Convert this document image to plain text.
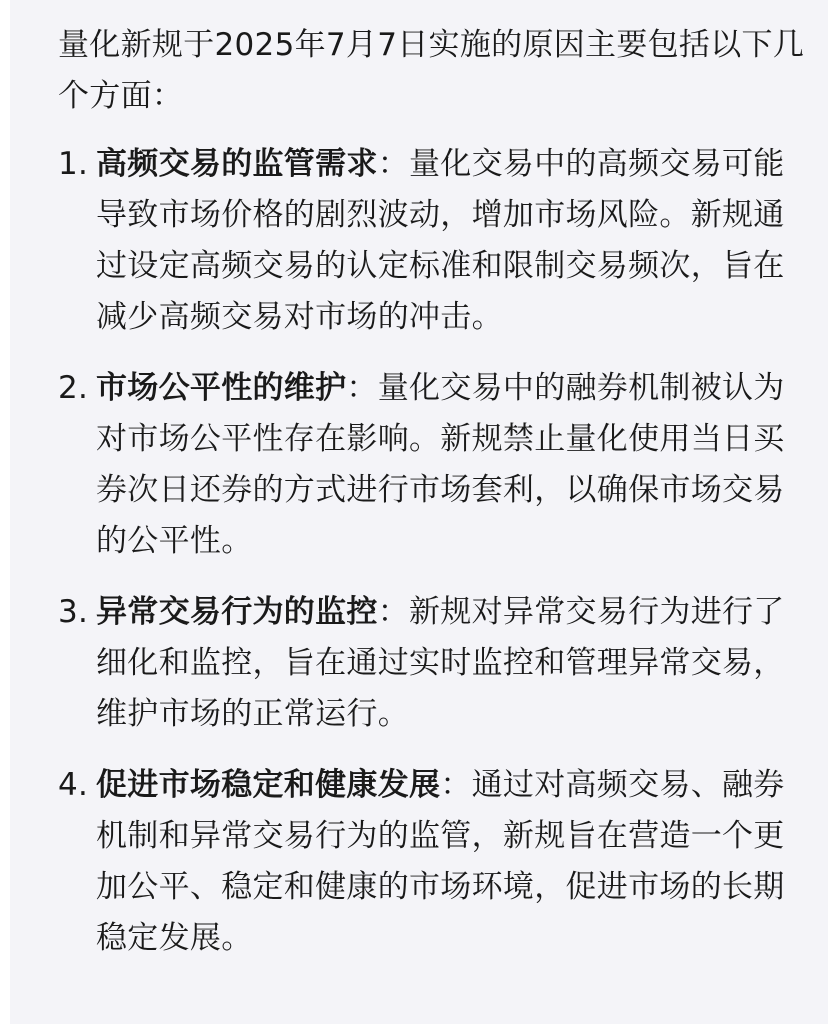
量化新规于2025年7月7日实施的原因主要包括以下几个方面：

1. 高频交易的监管需求：量化交易中的高频交易可能导致市场价格的剧烈波动，增加市场风险。新规通过设定高频交易的认定标准和限制交易频次，旨在减少高频交易对市场的冲击。
2. 市场公平性的维护：量化交易中的融券机制被认为对市场公平性存在影响。新规禁止量化使用当日买券次日还券的方式进行市场套利，以确保市场交易的公平性。
3. 异常交易行为的监控：新规对异常交易行为进行了细化和监控，旨在通过实时监控和管理异常交易，维护市场的正常运行。
4. 促进市场稳定和健康发展：通过对高频交易、融券机制和异常交易行为的监管，新规旨在营造一个更加公平、稳定和健康的市场环境，促进市场的长期稳定发展。
